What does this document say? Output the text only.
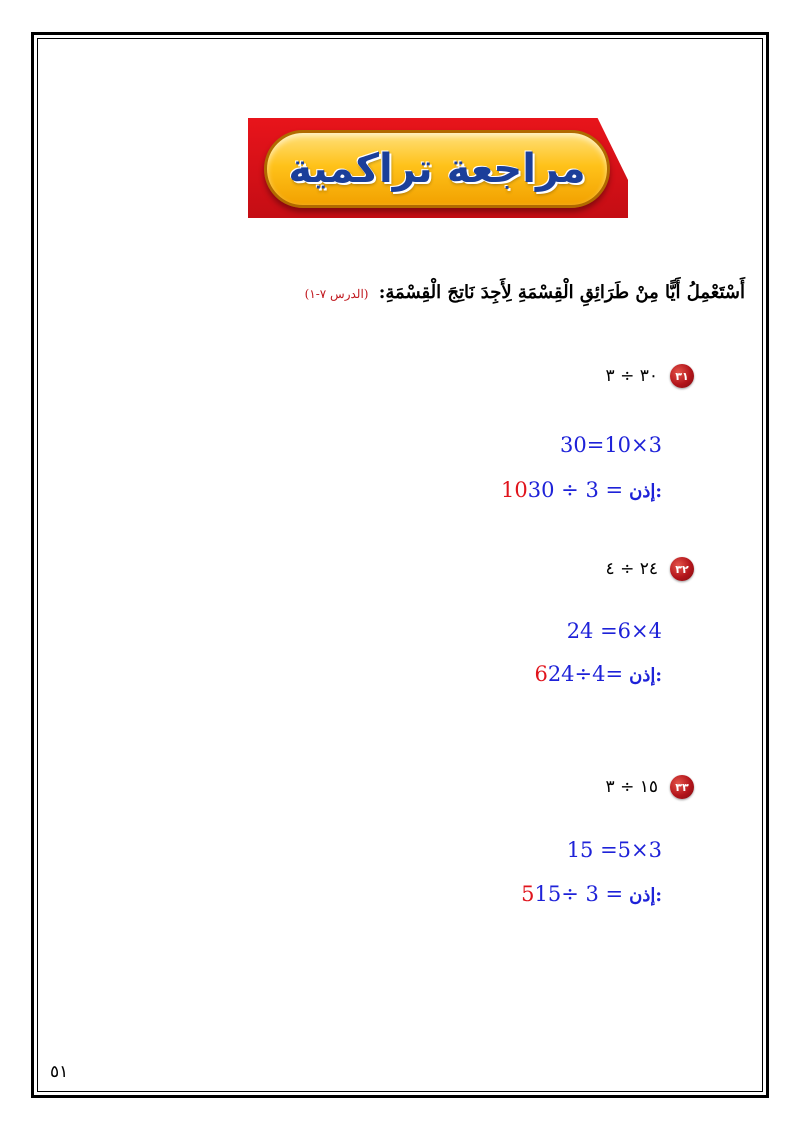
مراجعة تراكمية
أَسْتَعْمِلُ أَيًّا مِنْ طَرَائِقِ الْقِسْمَةِ لِأَجِدَ نَاتِجَ الْقِسْمَةِ: (الدرس ٧-١)
٣١
٣٠ ÷ ٣
30=10×3
1030 ÷ 3 = إذن:
٣٢
٢٤ ÷ ٤
24 =6×4
624÷4= إذن:
٣٣
١٥ ÷ ٣
15 =5×3
515÷ 3 = إذن:
٥١
